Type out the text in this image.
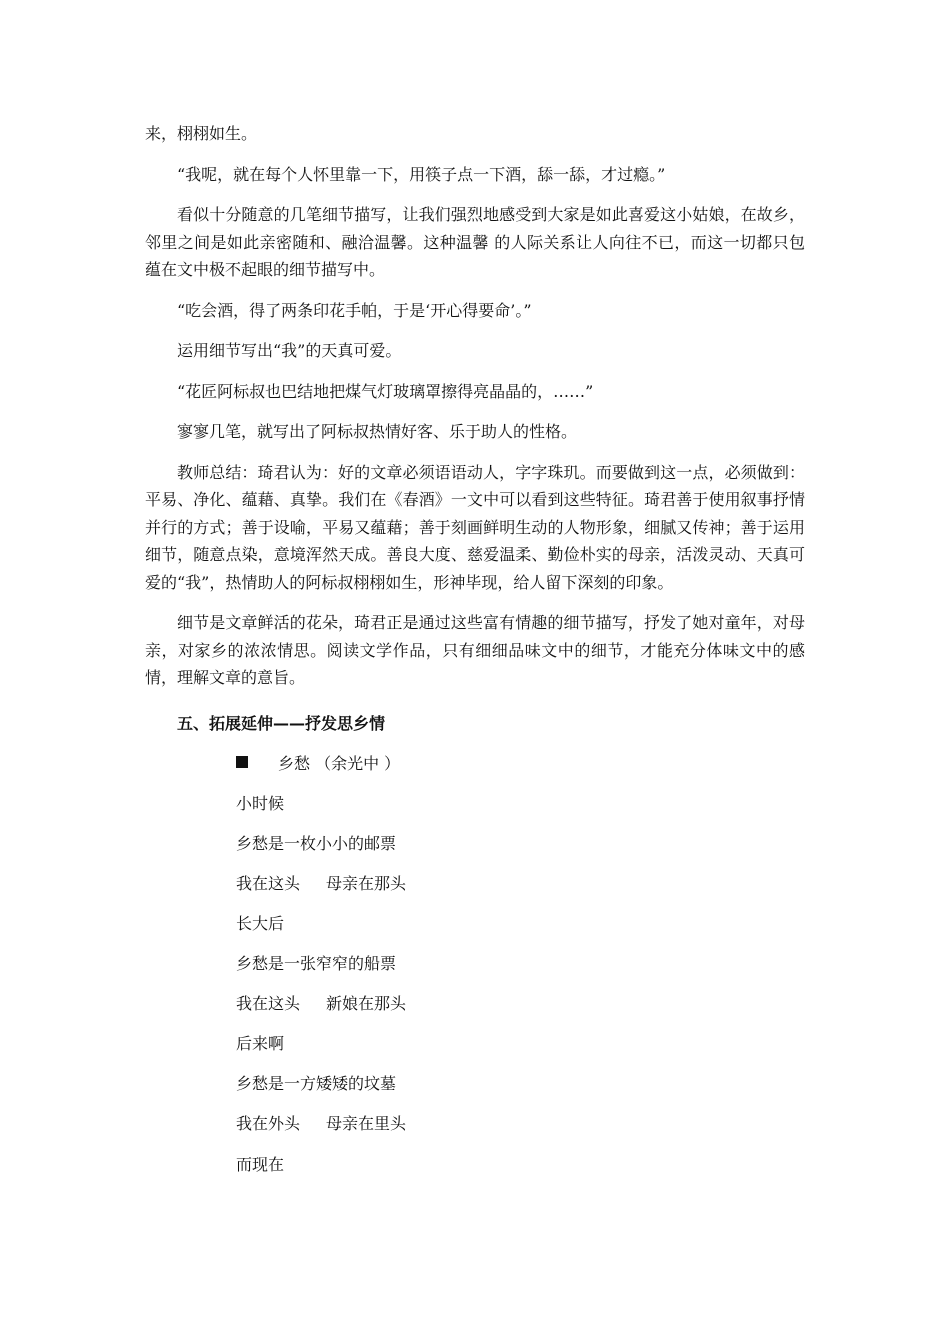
来，栩栩如生。

“我呢，就在每个人怀里靠一下，用筷子点一下酒，舔一舔，才过瘾。”

看似十分随意的几笔细节描写，让我们强烈地感受到大家是如此喜爱这小姑娘，在故乡，邻里之间是如此亲密随和、融洽温馨。这种温馨 的人际关系让人向往不已，而这一切都只包蕴在文中极不起眼的细节描写中。

“吃会酒，得了两条印花手帕，于是‘开心得要命’。”

运用细节写出“我”的天真可爱。

“花匠阿标叔也巴结地把煤气灯玻璃罩擦得亮晶晶的，……”

寥寥几笔，就写出了阿标叔热情好客、乐于助人的性格。

教师总结：琦君认为：好的文章必须语语动人，字字珠玑。而要做到这一点，必须做到：平易、净化、蕴藉、真挚。我们在《春酒》一文中可以看到这些特征。琦君善于使用叙事抒情并行的方式；善于设喻，平易又蕴藉；善于刻画鲜明生动的人物形象，细腻又传神；善于运用细节，随意点染，意境浑然天成。善良大度、慈爱温柔、勤俭朴实的母亲，活泼灵动、天真可爱的“我”，热情助人的阿标叔栩栩如生，形神毕现，给人留下深刻的印象。

细节是文章鲜活的花朵，琦君正是通过这些富有情趣的细节描写，抒发了她对童年，对母亲，对家乡的浓浓情思。阅读文学作品，只有细细品味文中的细节，才能充分体味文中的感情，理解文章的意旨。

五、拓展延伸——抒发思乡情

乡愁 （余光中 ）

小时候

乡愁是一枚小小的邮票

我在这头 母亲在那头

长大后

乡愁是一张窄窄的船票

我在这头 新娘在那头

后来啊

乡愁是一方矮矮的坟墓

我在外头 母亲在里头

而现在
